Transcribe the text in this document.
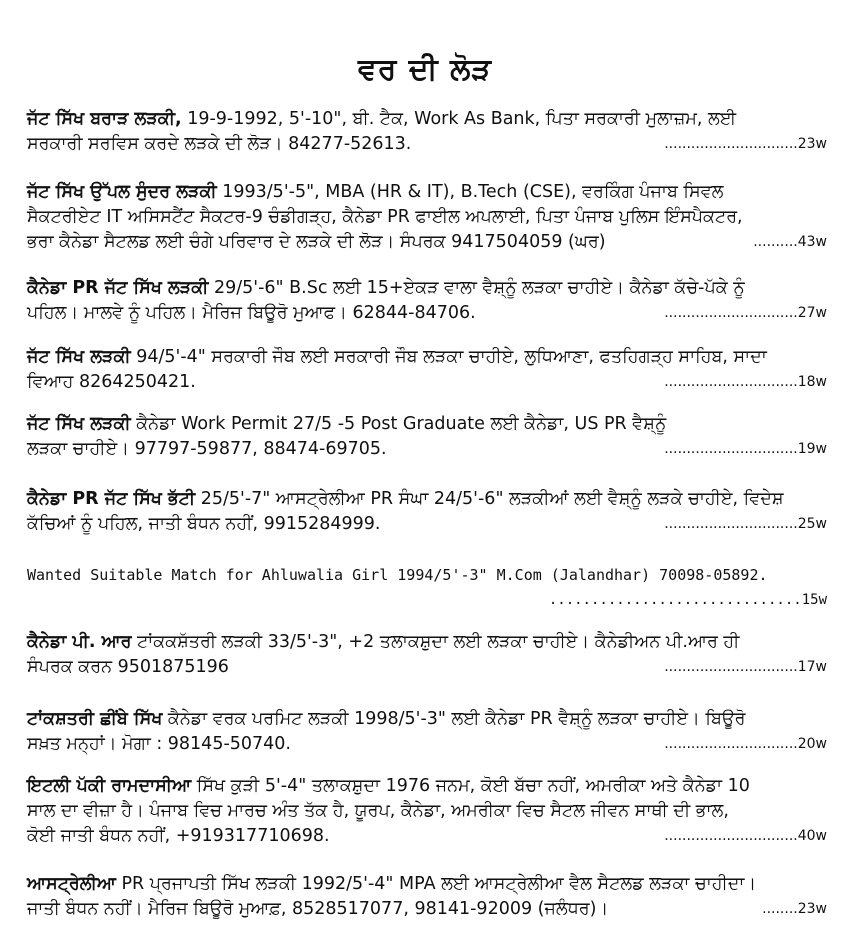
ਵਰ ਦੀ ਲੋੜ
ਜੱਟ ਸਿੱਖ ਬਰਾੜ ਲੜਕੀ, 19-9-1992, 5'-10", ਬੀ. ਟੈਕ, Work As Bank, ਪਿਤਾ ਸਰਕਾਰੀ ਮੁਲਾਜ਼ਮ, ਲਈ
ਸਰਕਾਰੀ ਸਰਵਿਸ ਕਰਦੇ ਲੜਕੇ ਦੀ ਲੋੜ। 84277-52613.	..............................23w
ਜੱਟ ਸਿੱਖ ਉੱਪਲ ਸੁੰਦਰ ਲੜਕੀ 1993/5'-5", MBA (HR & IT), B.Tech (CSE), ਵਰਕਿੰਗ ਪੰਜਾਬ ਸਿਵਲ
ਸੈਕਟਰੀਏਟ IT ਅਸਿਸਟੈਂਟ ਸੈਕਟਰ-9 ਚੰਡੀਗੜ੍ਹ, ਕੈਨੇਡਾ PR ਫਾਈਲ ਅਪਲਾਈ, ਪਿਤਾ ਪੰਜਾਬ ਪੁਲਿਸ ਇੰਸਪੈਕਟਰ,
ਭਰਾ ਕੈਨੇਡਾ ਸੈਟਲਡ ਲਈ ਚੰਗੇ ਪਰਿਵਾਰ ਦੇ ਲੜਕੇ ਦੀ ਲੋੜ। ਸੰਪਰਕ 9417504059 (ਘਰ)	..........43w
ਕੈਨੇਡਾ PR ਜੱਟ ਸਿੱਖ ਲੜਕੀ 29/5'-6" B.Sc ਲਈ 15+ਏਕੜ ਵਾਲਾ ਵੈਸ਼੍ਨੂੰ ਲੜਕਾ ਚਾਹੀਏ। ਕੈਨੇਡਾ ਕੱਚੇ-ਪੱਕੇ ਨੂੰ
ਪਹਿਲ। ਮਾਲਵੇ ਨੂੰ ਪਹਿਲ। ਮੈਰਿਜ ਬਿਊਰੋ ਮੁਆਫ। 62844-84706.	..............................27w
ਜੱਟ ਸਿੱਖ ਲੜਕੀ 94/5'-4" ਸਰਕਾਰੀ ਜੌਬ ਲਈ ਸਰਕਾਰੀ ਜੌਬ ਲੜਕਾ ਚਾਹੀਏ, ਲੁਧਿਆਣਾ, ਫਤਹਿਗੜ੍ਹ ਸਾਹਿਬ, ਸਾਦਾ
ਵਿਆਹ 8264250421.	..............................18w
ਜੱਟ ਸਿੱਖ ਲੜਕੀ ਕੈਨੇਡਾ Work Permit 27/5 -5 Post Graduate ਲਈ ਕੈਨੇਡਾ, US PR ਵੈਸ਼੍ਨੂੰ
ਲੜਕਾ ਚਾਹੀਏ। 97797-59877, 88474-69705.	..............................19w
ਕੈਨੇਡਾ PR ਜੱਟ ਸਿੱਖ ਭੱਟੀ 25/5'-7" ਆਸਟ੍ਰੇਲੀਆ PR ਸੰਘਾ 24/5'-6" ਲੜਕੀਆਂ ਲਈ ਵੈਸ਼੍ਨੂੰ ਲੜਕੇ ਚਾਹੀਏ, ਵਿਦੇਸ਼
ਕੱਚਿਆਂ ਨੂੰ ਪਹਿਲ, ਜਾਤੀ ਬੰਧਨ ਨਹੀਂ, 9915284999.	..............................25w
Wanted Suitable Match for Ahluwalia Girl 1994/5'-3" M.Com (Jalandhar) 70098-05892.
..............................15w
ਕੈਨੇਡਾ ਪੀ. ਆਰ ਟਾਂਕਕਸ਼ੱਤਰੀ ਲੜਕੀ 33/5'-3", +2 ਤਲਾਕਸ਼ੁਦਾ ਲਈ ਲੜਕਾ ਚਾਹੀਏ। ਕੈਨੇਡੀਅਨ ਪੀ.ਆਰ ਹੀ
ਸੰਪਰਕ ਕਰਨ 9501875196	..............................17w
ਟਾਂਕਸ਼ਤਰੀ ਛੀਂਬੇ ਸਿੱਖ ਕੈਨੇਡਾ ਵਰਕ ਪਰਮਿਟ ਲੜਕੀ 1998/5'-3" ਲਈ ਕੈਨੇਡਾ PR ਵੈਸ਼੍ਨੂੰ ਲੜਕਾ ਚਾਹੀਏ। ਬਿਊਰੋ
ਸਖ਼ਤ ਮਨ੍ਹਾਂ। ਮੋਗਾ : 98145-50740.	..............................20w
ਇਟਲੀ ਪੱਕੀ ਰਾਮਦਾਸੀਆ ਸਿੱਖ ਕੁੜੀ 5'-4" ਤਲਾਕਸ਼ੁਦਾ 1976 ਜਨਮ, ਕੋਈ ਬੱਚਾ ਨਹੀਂ, ਅਮਰੀਕਾ ਅਤੇ ਕੈਨੇਡਾ 10
ਸਾਲ ਦਾ ਵੀਜ਼ਾ ਹੈ। ਪੰਜਾਬ ਵਿਚ ਮਾਰਚ ਅੰਤ ਤੱਕ ਹੈ, ਯੂਰਪ, ਕੈਨੇਡਾ, ਅਮਰੀਕਾ ਵਿਚ ਸੈਟਲ ਜੀਵਨ ਸਾਥੀ ਦੀ ਭਾਲ,
ਕੋਈ ਜਾਤੀ ਬੰਧਨ ਨਹੀਂ, +919317710698.	..............................40w
ਆਸਟ੍ਰੇਲੀਆ PR ਪ੍ਰਜਾਪਤੀ ਸਿੱਖ ਲੜਕੀ 1992/5'-4" MPA ਲਈ ਆਸਟ੍ਰੇਲੀਆ ਵੈਲ ਸੈਟਲਡ ਲੜਕਾ ਚਾਹੀਦਾ।
ਜਾਤੀ ਬੰਧਨ ਨਹੀਂ। ਮੈਰਿਜ ਬਿਊਰੋ ਮੁਆਫ਼, 8528517077, 98141-92009 (ਜਲੰਧਰ)।	........23w
